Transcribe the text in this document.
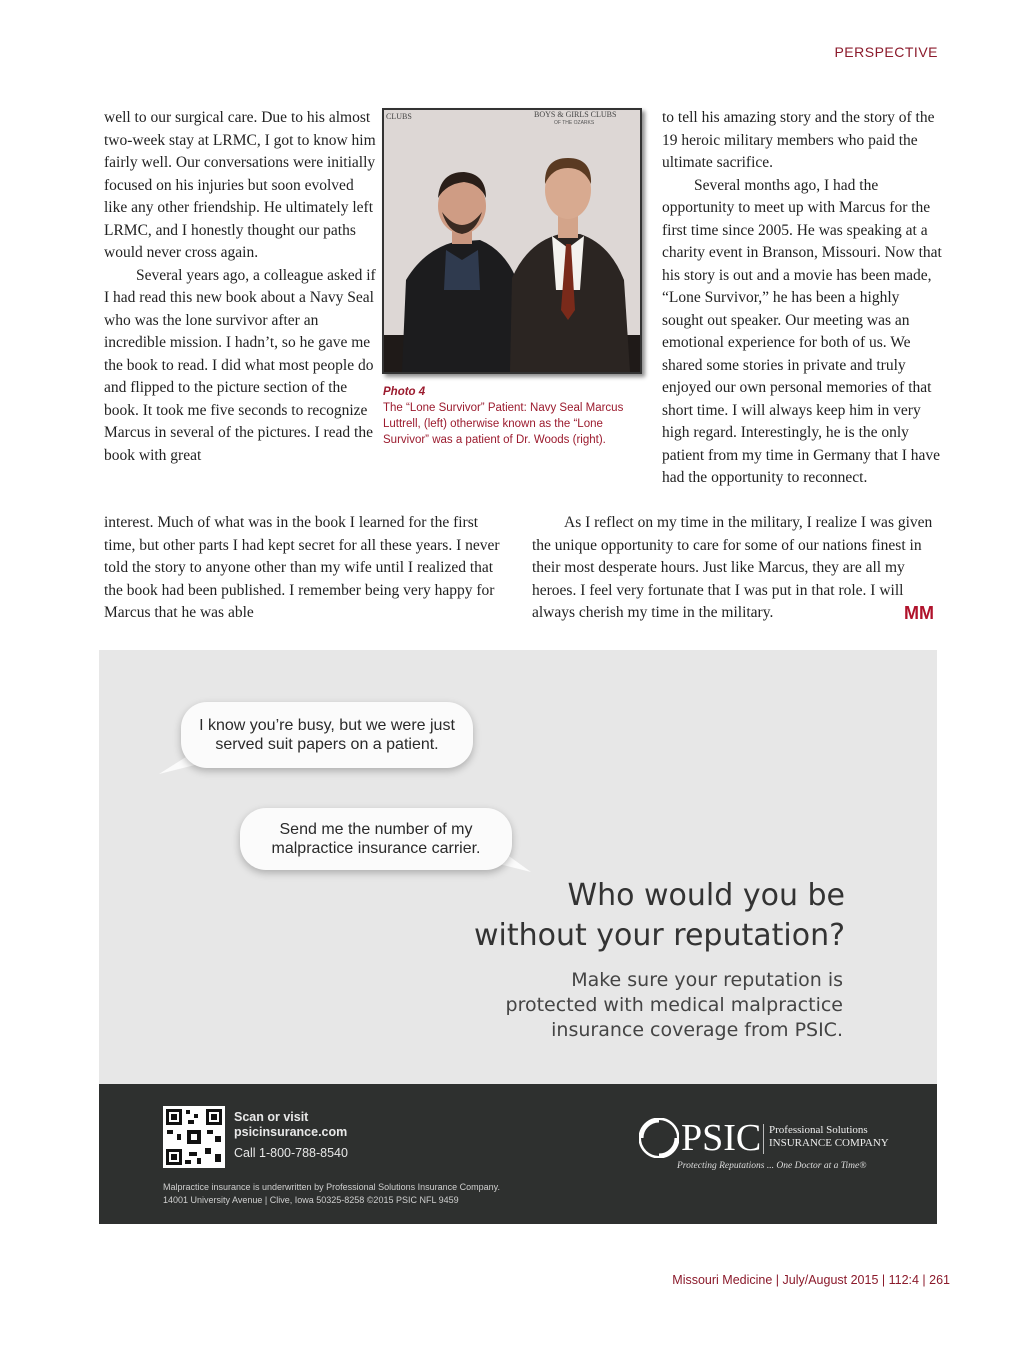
PERSPECTIVE

well to our surgical care. Due to his almost two-week stay at LRMC, I got to know him fairly well. Our conversations were initially focused on his injuries but soon evolved like any other friendship. He ultimately left LRMC, and I honestly thought our paths would never cross again.

Several years ago, a colleague asked if I had read this new book about a Navy Seal who was the lone survivor after an incredible mission. I hadn’t, so he gave me the book to read. I did what most people do and flipped to the picture section of the book. It took me five seconds to recognize Marcus in several of the pictures. I read the book with great

BOYS & GIRLS CLUBS
OF THE OZARKS
CLUBS
Photo 4
The “Lone Survivor” Patient: Navy Seal Marcus Luttrell, (left) otherwise known as the “Lone Survivor” was a patient of Dr. Woods (right).

to tell his amazing story and the story of the 19 heroic military members who paid the ultimate sacrifice.

Several months ago, I had the opportunity to meet up with Marcus for the first time since 2005. He was speaking at a charity event in Branson, Missouri. Now that his story is out and a movie has been made, “Lone Survivor,” he has been a highly sought out speaker. Our meeting was an emotional experience for both of us. We shared some stories in private and truly enjoyed our own personal memories of that short time. I will always keep him in very high regard. Interestingly, he is the only patient from my time in Germany that I have had the opportunity to reconnect.

interest. Much of what was in the book I learned for the first time, but other parts I had kept secret for all these years. I never told the story to anyone other than my wife until I realized that the book had been published. I remember being very happy for Marcus that he was able

As I reflect on my time in the military, I realize I was given the unique opportunity to care for some of our nations finest in their most desperate hours. Just like Marcus, they are all my heroes. I feel very fortunate that I was put in that role. I will always cherish my time in the military.	MM
I know you’re busy, but we were just served suit papers on a patient.
Send me the number of my malpractice insurance carrier.
Who would you be
without your reputation?
Make sure your reputation is
protected with medical malpractice
insurance coverage from PSIC.
Scan or visit
psicinsurance.com
Call 1-800-788-8540
Malpractice insurance is underwritten by Professional Solutions Insurance Company.
14001 University Avenue | Clive, Iowa 50325-8258 ©2015 PSIC NFL 9459
PSIC Professional Solutions
INSURANCE COMPANY
Protecting Reputations ... One Doctor at a Time®
Missouri Medicine | July/August 2015 | 112:4 | 261
